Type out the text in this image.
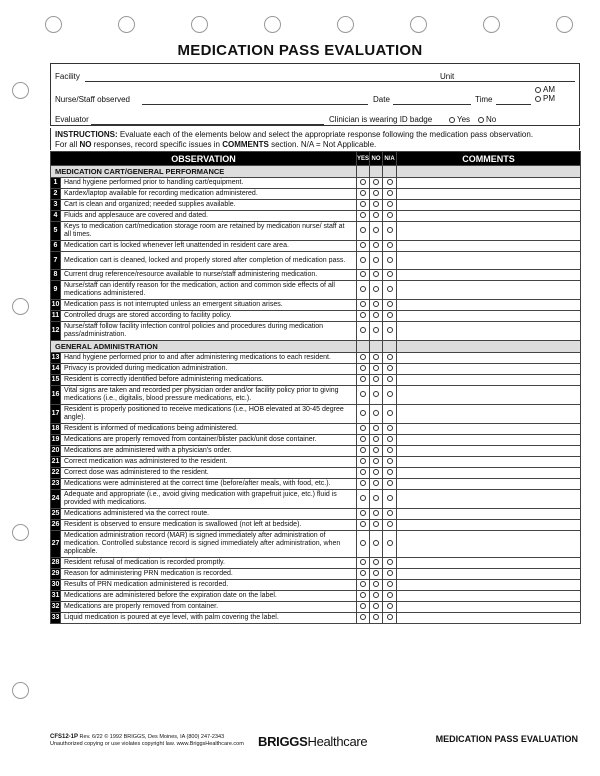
MEDICATION PASS EVALUATION
Facility	Unit
AM
PM
Nurse/Staff observed	Date	Time
Evaluator	Clinician is wearing ID badge	Yes	No
INSTRUCTIONS: Evaluate each of the elements below and select the appropriate response following the medication pass observation.
For all NO responses, record specific issues in COMMENTS section. N/A = Not Applicable.
OBSERVATION		YES	NO	N/A	COMMENTS
MEDICATION CART/GENERAL PERFORMANCE					
1	Hand hygiene performed prior to handling cart/equipment.				
2	Kardex/laptop available for recording medication administered.				
3	Cart is clean and organized; needed supplies available.				
4	Fluids and applesauce are covered and dated.				
5	Keys to medication cart/medication storage room are retained by medication nurse/ staff at all times.				
6	Medication cart is locked whenever left unattended in resident care area.				
7	Medication cart is cleaned, locked and properly stored after completion of medication pass.				
8	Current drug reference/resource available to nurse/staff administering medication.				
9	Nurse/staff can identify reason for the medication, action and common side effects of all medications administered.				
10	Medication pass is not interrupted unless an emergent situation arises.				
11	Controlled drugs are stored according to facility policy.				
12	Nurse/staff follow facility infection control policies and procedures during medication pass/administration.				
GENERAL ADMINISTRATION					
13	Hand hygiene performed prior to and after administering medications to each resident.				
14	Privacy is provided during medication administration.				
15	Resident is correctly identified before administering medications.				
16	Vital signs are taken and recorded per physician order and/or facility policy prior to giving medications (i.e., digitalis, blood pressure medications, etc.).				
17	Resident is properly positioned to receive medications (i.e., HOB elevated at 30-45 degree angle).				
18	Resident is informed of medications being administered.				
19	Medications are properly removed from container/blister pack/unit dose container.				
20	Medications are administered with a physician's order.				
21	Correct medication was administered to the resident.				
22	Correct dose was administered to the resident.				
23	Medications were administered at the correct time (before/after meals, with food, etc.).				
24	Adequate and appropriate (i.e., avoid giving medication with grapefruit juice, etc.) fluid is provided with medications.				
25	Medications administered via the correct route.				
26	Resident is observed to ensure medication is swallowed (not left at bedside).				
27	Medication administration record (MAR) is signed immediately after administration of medication. Controlled substance record is signed immediately after administration, when applicable.				
28	Resident refusal of medication is recorded promptly.				
29	Reason for administering PRN medication is recorded.				
30	Results of PRN medication administered is recorded.				
31	Medications are administered before the expiration date on the label.				
32	Medications are properly removed from container.				
33	Liquid medication is poured at eye level, with palm covering the label.				
CFS12-1P Rev. 6/22 © 1992 BRIGGS, Des Moines, IA (800) 247-2343
Unauthorized copying or use violates copyright law. www.BriggsHealthcare.com BRIGGSHealthcare	MEDICATION PASS EVALUATION
